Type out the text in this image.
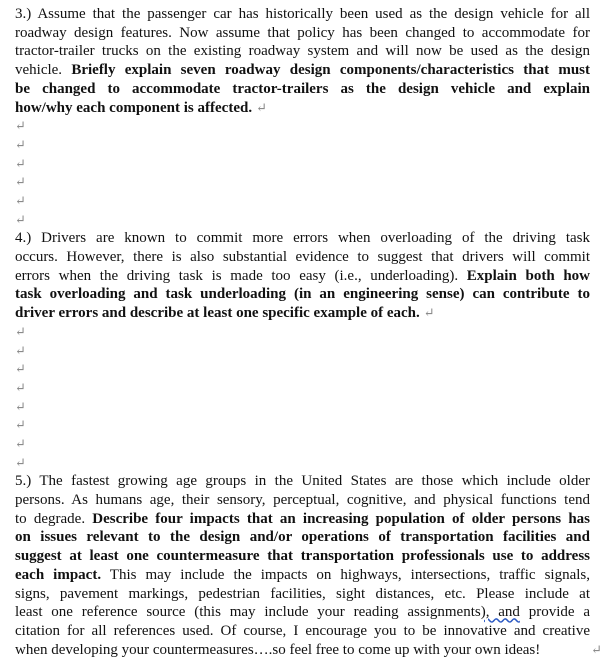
3.) Assume that the passenger car has historically been used as the design vehicle for all
roadway design features. Now assume that policy has been changed to accommodate for
tractor-trailer trucks on the existing roadway system and will now be used as the design
vehicle. Briefly explain seven roadway design components/characteristics that must
be changed to accommodate tractor-trailers as the design vehicle and explain
how/why each component is affected. ↵
↵
↵
↵
↵
↵
↵
4.) Drivers are known to commit more errors when overloading of the driving task
occurs. However, there is also substantial evidence to suggest that drivers will commit
errors when the driving task is made too easy (i.e., underloading). Explain both how
task overloading and task underloading (in an engineering sense) can contribute to
driver errors and describe at least one specific example of each. ↵
↵
↵
↵
↵
↵
↵
↵
↵
5.) The fastest growing age groups in the United States are those which include older
persons. As humans age, their sensory, perceptual, cognitive, and physical functions tend
to degrade. Describe four impacts that an increasing population of older persons has
on issues relevant to the design and/or operations of transportation facilities and
suggest at least one countermeasure that transportation professionals use to address
each impact. This may include the impacts on highways, intersections, traffic signals,
signs, pavement markings, pedestrian facilities, sight distances, etc. Please include at
least one reference source (this may include your reading assignments), and provide a
citation for all references used. Of course, I encourage you to be innovative and creative
when developing your countermeasures….so feel free to come up with your own ideas!	↵
